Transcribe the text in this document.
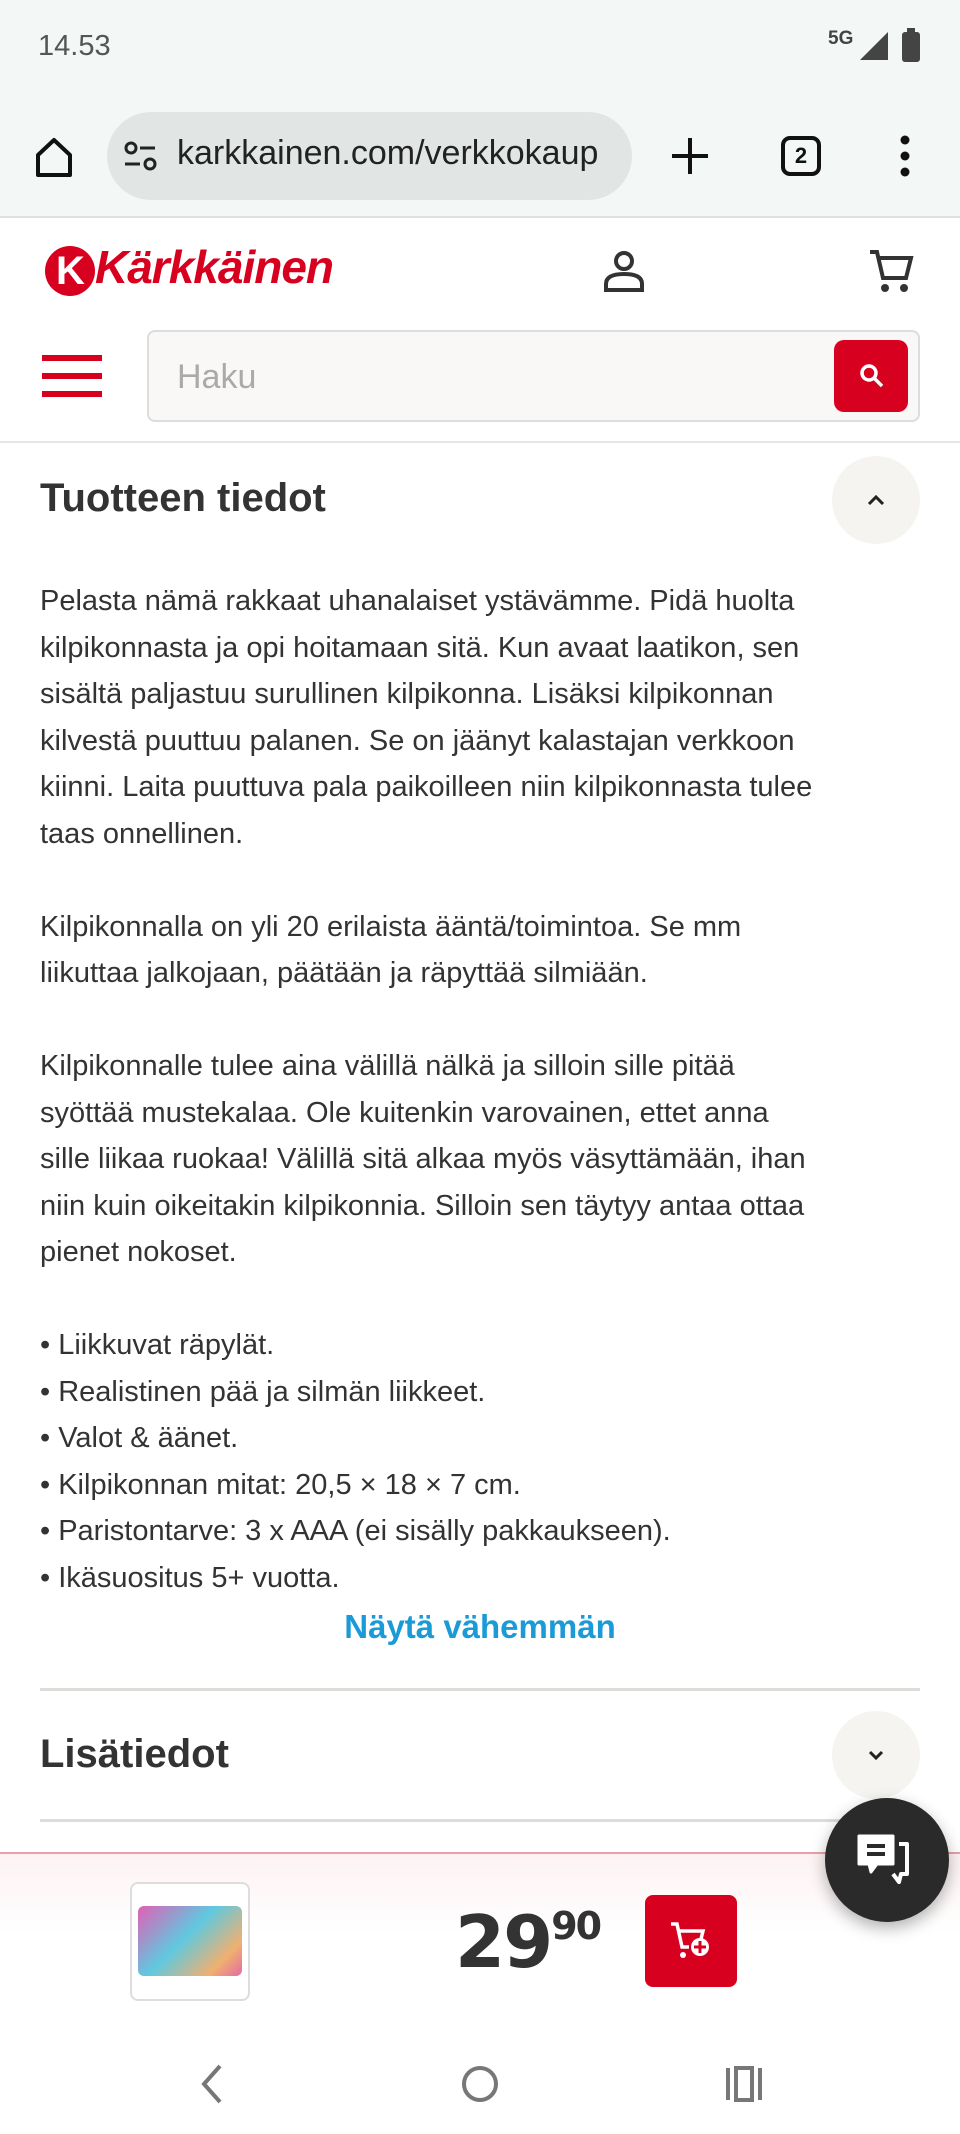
14.53	5G
karkkainen.com/verkkokaup	2
K Kärkkäinen
Haku
Tuotteen tiedot
Pelasta nämä rakkaat uhanalaiset ystävämme. Pidä huolta
kilpikonnasta ja opi hoitamaan sitä. Kun avaat laatikon, sen
sisältä paljastuu surullinen kilpikonna. Lisäksi kilpikonnan
kilvestä puuttuu palanen. Se on jäänyt kalastajan verkkoon
kiinni. Laita puuttuva pala paikoilleen niin kilpikonnasta tulee
taas onnellinen.
Kilpikonnalla on yli 20 erilaista ääntä/toimintoa. Se mm
liikuttaa jalkojaan, päätään ja räpyttää silmiään.
Kilpikonnalle tulee aina välillä nälkä ja silloin sille pitää
syöttää mustekalaa. Ole kuitenkin varovainen, ettet anna
sille liikaa ruokaa! Välillä sitä alkaa myös väsyttämään, ihan
niin kuin oikeitakin kilpikonnia. Silloin sen täytyy antaa ottaa
pienet nokoset.
• Liikkuvat räpylät.
• Realistinen pää ja silmän liikkeet.
• Valot & äänet.
• Kilpikonnan mitat: 20,5 × 18 × 7 cm.
• Paristontarve: 3 x AAA (ei sisälly pakkaukseen).
• Ikäsuositus 5+ vuotta.
Näytä vähemmän
Lisätiedot
$29^{90}$
